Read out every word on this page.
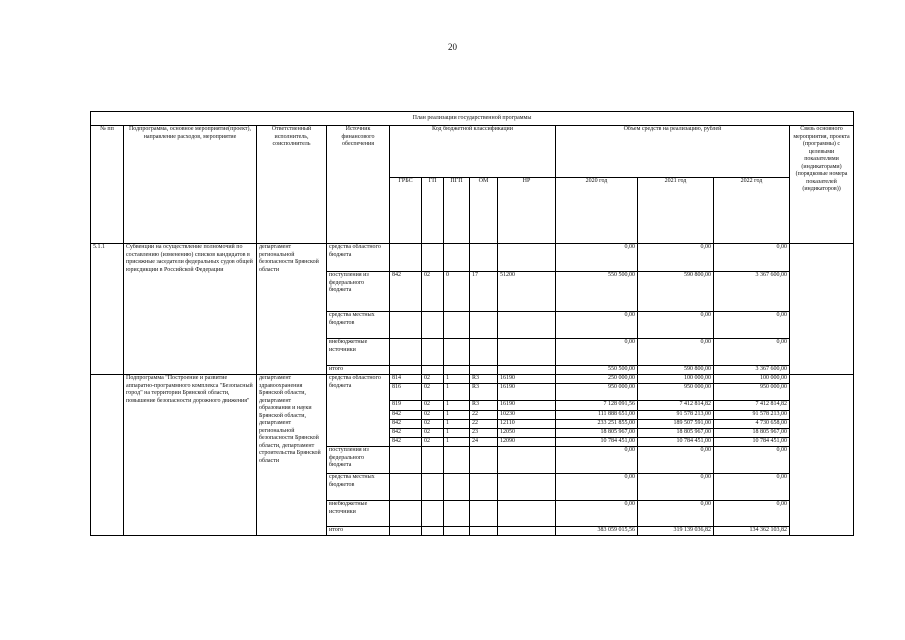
20
План реализации государственной программы												
№ пп	Подпрограмма, основное мероприятие(проект), направление расходов, мероприятие	Ответственный исполнитель, соисполнитель	Источник финансового обеспечения	Код бюджетной классификации					Объем средств на реализацию, рублей			Связь основного мероприятия, проекта (программы) с целевыми показателями (индикаторами) (порядковые номера показателей (индикаторов))
				ГРБС	ГП	ПГП	ОМ	НР	2020 год	2021 год	2022 год	
5.1.1	Субвенции на осуществление полномочий по составлению (изменению) списков кандидатов в присяжные заседатели федеральных судов общей юрисдикции в Российской Федерации	департамент региональной безопасности Брянской области	средства областного бюджета						0,00	0,00	0,00	
			поступления из федерального бюджета	842	02	0	17	51200	550 500,00	590 800,00	3 367 600,00	
			средства местных бюджетов						0,00	0,00	0,00	
			внебюджетные источники						0,00	0,00	0,00	
			итого						550 500,00	590 800,00	3 367 600,00	
	Подпрограмма "Построение и развитие аппаратно-программного комплекса "Безопасный город" на территории Брянской области, повышение безопасности дорожного движения"	департамент здравоохранения Брянской области, департамент образования и науки Брянской области, департамент региональной безопасности Брянской области, департамент строительства Брянской области	средства областного бюджета	814	02	1	R3	16190	250 000,00	100 000,00	100 000,00	
				816	02	1	R3	16190	950 000,00	950 000,00	950 000,00	
				819	02	1	R3	16190	7 128 091,56	7 412 814,82	7 412 814,82	
				842	02	1	22	10230	111 888 651,00	91 578 213,00	91 578 213,00	
				842	02	1	22	12110	233 251 855,00	189 507 591,00	4 730 658,00	
				842	02	1	23	12050	18 805 967,00	18 805 967,00	18 805 967,00	
				842	02	1	24	12090	10 784 451,00	10 784 451,00	10 784 451,00	
			поступления из федерального бюджета						0,00	0,00	0,00	
			средства местных бюджетов						0,00	0,00	0,00	
			внебюджетные источники						0,00	0,00	0,00	
			итого						383 059 015,56	319 139 036,82	134 362 103,82	
